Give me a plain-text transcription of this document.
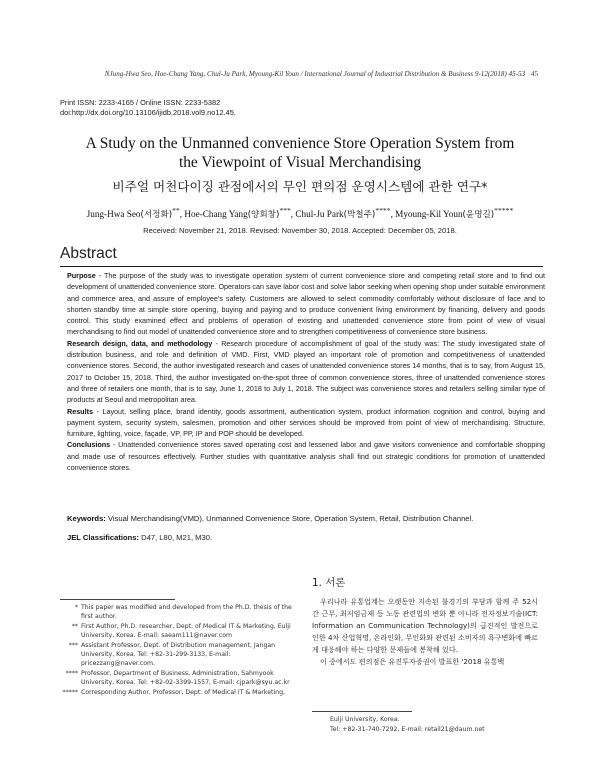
NJung-Hwa Seo, Hoe-Chang Yang, Chul-Ju Park, Myoung-Kil Youn / International Journal of Industrial Distribution & Business 9-12(2018) 45-53 45
Print ISSN: 2233-4165 / Online ISSN: 2233-5382
doi:http://dx.doi.org/10.13106/ijidb.2018.vol9.no12.45.
A Study on the Unmanned convenience Store Operation System from
the Viewpoint of Visual Merchandising
비주얼 머천다이징 관점에서의 무인 편의점 운영시스템에 관한 연구*
Jung-Hwa Seo(서정화)**, Hoe-Chang Yang(양회창)***, Chul-Ju Park(박철주)****, Myoung-Kil Youn(윤명길)*****
Received: November 21, 2018. Revised: November 30, 2018. Accepted: December 05, 2018.
Abstract

Purpose - The purpose of the study was to investigate operation system of current convenience store and competing retail store and to find out development of unattended convenience store. Operators can save labor cost and solve labor seeking when opening shop under suitable environment and commerce area, and assure of employee's safety. Customers are allowed to select commodity comfortably without disclosure of face and to shorten standby time at simple store opening, buying and paying and to produce convenient living environment by financing, delivery and goods control. This study examined effect and problems of operation of existing and unattended convenience store from point of view of visual merchandising to find out model of unattended convenience store and to strengthen competitiveness of convenience store business.

Research design, data, and methodology - Research procedure of accomplishment of goal of the study was: The study investigated state of distribution business, and role and definition of VMD. First, VMD played an important role of promotion and competitiveness of unattended convenience stores. Second, the author investigated research and cases of unattended convenience stores 14 months, that is to say, from August 15, 2017 to October 15, 2018. Third, the author investigated on-the-spot three of common convenience stores, three of unattended convenience stores and three of retailers one month, that is to say, June 1, 2018 to July 1, 2018. The subject was convenience stores and retailers selling similar type of products at Seoul and metropolitan area.

Results - Layout, selling place, brand identity, goods assortment, authentication system, product information cognition and control, buying and payment system, security system, salesmen, promotion and other services should be improved from point of view of merchandising. Structure, furniture, lighting, voice, façade, VP, PP, IP and POP should be developed.

Conclusions - Unattended convenience stores saved operating cost and lessened labor and gave visitors convenience and comfortable shopping and made use of resources effectively. Further studies with quantitative analysis shall find out strategic conditions for promotion of unattended convenience stores.

Keywords: Visual Merchandising(VMD), Unmanned Convenience Store, Operation System, Retail, Distribution Channel.
JEL Classifications: D47, L80, M21, M30.
* This paper was modified and developed from the Ph.D. thesis of the first author.
** First Author, Ph.D. researcher, Dept. of Medical IT & Marketing, Eulji University, Korea. E-mail: saeam111@naver.com
*** Assistant Professor, Dept. of Distribution management, Jangan University, Korea. Tel: +82-31-299-3133, E-mail: pricezzang@naver.com.
**** Professor, Department of Business, Administration, Sahmyook University, Korea. Tel: +82-02-3399-1557, E-mail: cjpark@syu.ac.kr
***** Corresponding Author, Professor, Dept. of Medical IT & Marketing,
1. 서론

우리나라 유통업계는 오랫동안 지속된 불경기의 부담과 함께 주 52시간 근무, 최저임금제 등 노동 관련법의 변화 뿐 아니라 전자정보기술(ICT: Information an Communication Technology)의 급진적인 발전으로 인한 4차 산업혁명, 온라인화, 무인화와 관련된 소비자의 욕구변화에 빠르게 대응해야 하는 다양한 문제들에 봉착해 있다.

이 중에서도 편의점은 유진투자증권이 발표한 '2018 유통백

Eulji University, Korea.
Tel: +82-31-740-7292, E-mail: retail21@daum.net
